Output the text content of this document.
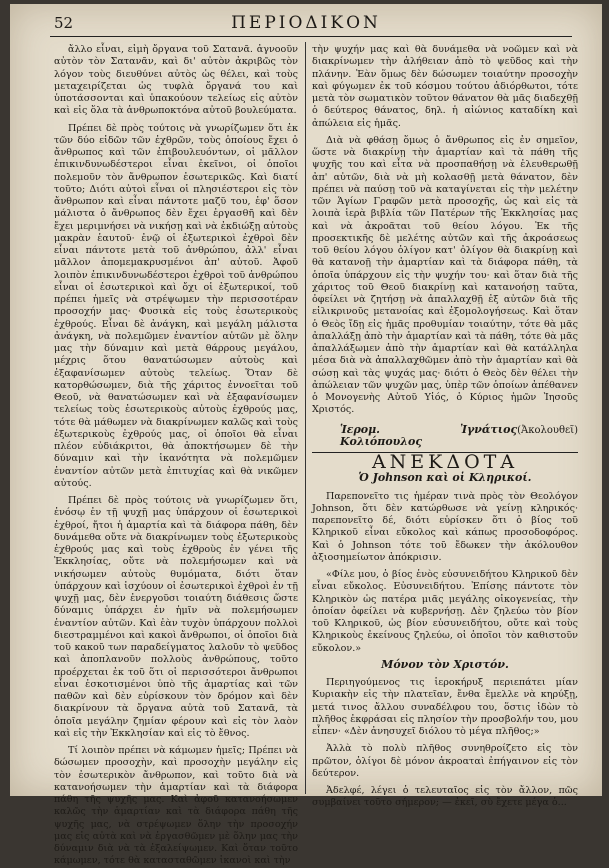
52	ΠΕΡΙΟΔΙΚΟΝ

ἄλλο εἶναι, εἰμὴ ὄργανα τοῦ Σατανᾶ. ἀγνοοῦν αὐτὸν τὸν Σατανᾶν, καὶ δι' αὐτὸν ἀκριβῶς τὸν λόγον τοὺς διευθύνει αὐτὸς ὡς θέλει, καὶ τοὺς μεταχειρίζεται ὡς τυφλὰ ὄργανά του καὶ ὑποτάσσονται καὶ ὑπακούουν τελείως εἰς αὐτὸν καὶ εἰς ὅλα τὰ ἀνθρωποκτόνα αὐτοῦ βουλεύματα.

Πρέπει δὲ πρὸς τούτοις νὰ γνωρίζωμεν ὅτι ἐκ τῶν δύο εἰδῶν τῶν ἐχθρῶν, τοὺς ὁποίους ἔχει ὁ ἄνθρωπος καὶ τῶν ἐπιβουλευόντων, οἱ μᾶλλον ἐπικινδυνωδέστεροι εἶναι ἐκεῖνοι, οἱ ὁποῖοι πολεμοῦν τὸν ἄνθρωπον ἐσωτερικῶς. Καὶ διατί τοῦτο; Διότι αὐτοὶ εἶναι οἱ πλησιέστεροι εἰς τὸν ἄνθρωπον καὶ εἶναι πάντοτε μαζῦ του, ἐφ' ὅσον μάλιστα ὁ ἄνθρωπος δὲν ἔχει ἐργασθῆ καὶ δὲν ἔχει μεριμνήσει νὰ νικήσῃ καὶ νὰ ἐκδιώξῃ αὐτοὺς μακρὰν ἑαυτοῦ· ἐνῷ οἱ ἐξωτερικοὶ ἐχθροὶ δὲν εἶναι πάντοτε μετὰ τοῦ ἀνθρώπου, ἀλλ' εἶναι μᾶλλον ἀπομεμακρυσμένοι ἀπ' αὐτοῦ. Ἀφοῦ λοιπὸν ἐπικινδυνωδέστεροι ἐχθροὶ τοῦ ἀνθρώπου εἶναι οἱ ἐσωτερικοὶ καὶ ὄχι οἱ ἐξωτερικοί, τοῦ πρέπει ἡμεῖς νὰ στρέψωμεν τὴν περισσοτέραν προσοχήν μας· Φυσικὰ εἰς τοὺς ἐσωτερικοὺς ἐχθρούς. Εἶναι δὲ ἀνάγκη, καὶ μεγάλη μάλιστα ἀνάγκη, νὰ πολεμῶμεν ἐναντίον αὐτῶν μὲ ὅλην μας τὴν δύναμιν καὶ μετὰ θάρρους μεγάλου, μέχρις ὅτου θανατώσωμεν αὐτοὺς καὶ ἐξαφανίσωμεν αὐτοὺς τελείως. Ὅταν δὲ κατορθώσωμεν, διὰ τῆς χάριτος ἐννοεῖται τοῦ Θεοῦ, νὰ θανατώσωμεν καὶ νὰ ἐξαφανίσωμεν τελείως τοὺς ἐσωτερικοὺς αὐτοὺς ἐχθρούς μας, τότε θὰ μάθωμεν νὰ διακρίνωμεν καλῶς καὶ τοὺς ἐξωτερικοὺς ἐχθρούς μας, οἱ ὁποῖοι θὰ εἶναι πλέον εὐδιάκριτοι, θὰ ἀποκτήσωμεν δὲ τὴν δύναμιν καὶ τὴν ἱκανότητα νὰ πολεμῶμεν ἐναντίον αὐτῶν μετὰ ἐπιτυχίας καὶ θὰ νικῶμεν αὐτούς.

Πρέπει δὲ πρὸς τούτοις νὰ γνωρίζωμεν ὅτι, ἐνόσῳ ἐν τῇ ψυχῇ μας ὑπάρχουν οἱ ἐσωτερικοὶ ἐχθροί, ἤτοι ἡ ἁμαρτία καὶ τὰ διάφορα πάθη, δὲν δυνάμεθα οὔτε νὰ διακρίνωμεν τοὺς ἐξωτερικοὺς ἐχθρούς μας καὶ τοὺς ἐχθροὺς ἐν γένει τῆς Ἐκκλησίας, οὔτε νὰ πολεμήσωμεν καὶ νὰ νικήσωμεν αὐτοὺς θυμόματα, διότι ὅταν ὑπάρχουν καὶ ἰσχύουν οἱ ἐσωτερικοὶ ἐχθροὶ ἐν τῇ ψυχῇ μας, δὲν ἐνεργοῦσι τοιαύτη διάθεσις ὥστε δύναμις ὑπάρχει ἐν ἡμῖν νὰ πολεμήσωμεν ἐναντίον αὐτῶν. Καὶ ἐὰν τυχὸν ὑπάρχουν πολλοὶ διεστραμμένοι καὶ κακοὶ ἄνθρωποι, οἱ ὁποῖοι διὰ τοῦ κακοῦ των παραδείγματος λαλοῦν τὸ ψεῦδος καὶ ἀποπλανοῦν πολλοὺς ἀνθρώπους, τοῦτο προέρχεται ἐκ τοῦ ὅτι οἱ περισσότεροι ἄνθρωποι εἶναι ἐσκοτισμένοι ὑπὸ τῆς ἁμαρτίας καὶ τῶν παθῶν καὶ δὲν εὑρίσκουν τὸν δρόμον καὶ δὲν διακρίνουν τὰ ὄργανα αὐτὰ τοῦ Σατανᾶ, τὰ ὁποῖα μεγάλην ζημίαν φέρουν καὶ εἰς τὸν λαὸν καὶ εἰς τὴν Ἐκκλησίαν καὶ εἰς τὸ ἔθνος.

Τί λοιπὸν πρέπει νὰ κάμωμεν ἡμεῖς; Πρέπει νὰ δώσωμεν προσοχὴν, καὶ προσοχὴν μεγάλην εἰς τὸν ἐσωτερικὸν ἄνθρωπον, καὶ τοῦτο διὰ νὰ κατανοήσωμεν τὴν ἁμαρτίαν καὶ τὰ διάφορα πάθη τῆς ψυχῆς μας. Καὶ ἀφοῦ κατανοήσωμεν καλῶς τὴν ἁμαρτίαν καὶ τὰ διάφορα πάθη τῆς ψυχῆς μας, νὰ στρέψωμεν ὅλην τὴν προσοχήν μας εἰς αὐτὰ καὶ νὰ ἐργασθῶμεν μὲ ὅλην μας τὴν δύναμιν διὰ νὰ τὰ ἐξαλείψωμεν. Καὶ ὅταν τοῦτο κάμωμεν, τότε θὰ κατασταθῶμεν ἱκανοὶ καὶ τὴν

τὴν ψυχήν μας καὶ θὰ δυνάμεθα νὰ νοῶμεν καὶ νὰ διακρίνωμεν τὴν ἀλήθειαν ἀπὸ τὸ ψεῦδος καὶ τὴν πλάνην. Ἐὰν ὅμως δὲν δώσωμεν τοιαύτην προσοχὴν καὶ φύγωμεν ἐκ τοῦ κόσμου τούτου ἀδιόρθωτοι, τότε μετὰ τὸν σωματικὸν τοῦτον θάνατον θὰ μᾶς διαδεχθῇ ὁ δεύτερος θάνατος, δηλ. ἡ αἰώνιος καταδίκη καὶ ἀπώλεια εἰς ἡμᾶς.

Διὰ νὰ φθάσῃ ὅμως ὁ ἄνθρωπος εἰς ἐν σημεῖον, ὥστε νὰ διακρίνῃ τὴν ἁμαρτίαν καὶ τὰ πάθη τῆς ψυχῆς του καὶ εἶτα νὰ προσπαθήσῃ νὰ ἐλευθερωθῇ ἀπ' αὐτῶν, διὰ νὰ μὴ κολασθῇ μετὰ θάνατον, δὲν πρέπει νὰ παύσῃ τοῦ νὰ καταγίνεται εἰς τὴν μελέτην τῶν Ἁγίων Γραφῶν μετὰ προσοχῆς, ὡς καὶ εἰς τὰ λοιπὰ ἱερὰ βιβλία τῶν Πατέρων τῆς Ἐκκλησίας μας καὶ νὰ ἀκροᾶται τοῦ θείου λόγου. Ἐκ τῆς προσεκτικῆς δὲ μελέτης αὐτῶν καὶ τῆς ἀκροάσεως τοῦ θείου λόγου ὀλίγον κατ' ὀλίγον θὰ διακρίνῃ καὶ θὰ κατανοῇ τὴν ἁμαρτίαν καὶ τὰ διάφορα πάθη, τὰ ὁποῖα ὑπάρχουν εἰς τὴν ψυχήν του· καὶ ὅταν διὰ τῆς χάριτος τοῦ Θεοῦ διακρίνῃ καὶ κατανοήσῃ ταῦτα, ὀφείλει νὰ ζητήσῃ νὰ ἀπαλλαχθῇ ἐξ αὐτῶν διὰ τῆς εἰλικρινοῦς μετανοίας καὶ ἐξομολογήσεως. Καὶ ὅταν ὁ Θεὸς ἴδῃ εἰς ἡμᾶς προθυμίαν τοιαύτην, τότε θὰ μᾶς ἀπαλλάξῃ ἀπὸ τὴν ἁμαρτίαν καὶ τὰ πάθη, τότε θὰ μᾶς ἀπαλλάξωμεν ἀπὸ τὴν ἁμαρτίαν καὶ θὰ κατάλληλα μέσα διὰ νὰ ἀπαλλαχθῶμεν ἀπὸ τὴν ἁμαρτίαν καὶ θὰ σώσῃ καὶ τὰς ψυχάς μας· διότι ὁ Θεὸς δὲν θέλει τὴν ἀπώλειαν τῶν ψυχῶν μας, ὑπὲρ τῶν ὁποίων ἀπέθανεν ὁ Μονογενὴς Αὐτοῦ Υἱός, ὁ Κύριος ἡμῶν Ἰησοῦς Χριστός.

Ἱερομ. Ἰγνάτιος Κολιόπουλος
(Ἀκολουθεῖ)
ΑΝΕΚΔΟΤΑ
Ὁ Johnson καὶ οἱ Κληρικοί.

Παρεπονεῖτο τις ἡμέραν τινὰ πρὸς τὸν Θεολόγον Johnson, ὅτι δὲν κατώρθωσε νὰ γείνῃ κληρικός· παρεπονεῖτο δέ, διότι εὑρίσκεν ὅτι ὁ βίος τοῦ Κληρικοῦ εἶναι εὔκολος καὶ κάπως προσοδοφόρος. Καὶ ὁ Johnson τότε τοῦ ἔδωκεν τὴν ἀκόλουθον ἀξιοσημείωτον ἀπόκρισιν.

«Φίλε μου, ὁ βίος ἑνὸς εὐσυνειδήτου Κληρικοῦ δὲν εἶναι εὔκολος. Εὐσυνειδήτου. Ἐπίσης πάντοτε τὸν Κληρικὸν ὡς πατέρα μιᾶς μεγάλης οἰκογενείας, τὴν ὁποίαν ὀφείλει νὰ κυβερνήσῃ. Δὲν ζηλεύω τὸν βίον τοῦ Κληρικοῦ, ὡς βίον εὐσυνειδήτου, οὔτε καὶ τοὺς Κληρικοὺς ἐκείνους ζηλεύω, οἱ ὁποῖοι τὸν καθιστοῦν εὔκολον.»

Μόνον τὸν Χριστόν.

Περιηγούμενος τις ἱεροκήρυξ περιεπάτει μίαν Κυριακὴν εἰς τὴν πλατεῖαν, ἔνθα ἔμελλε νὰ κηρύξῃ, μετά τινος ἄλλου συναδέλφου του, ὅστις ἰδὼν τὸ πλῆθος ἐκφράσαι εἰς πλησίον τὴν προσβολήν του, μου εἶπεν· «Δὲν ἀνησυχεῖ διόλου τὸ μέγα πλῆθος;»

Ἀλλὰ τὸ πολὺ πλῆθος συνηθροίζετο εἰς τὸν πρῶτον, ὀλίγοι δὲ μόνον ἀκροαταὶ ἐπήγαινον εἰς τὸν δεύτερον.

Ἀδελφέ, λέγει ὁ τελευταῖος εἰς τὸν ἄλλον, πῶς συμβαίνει τοῦτο σήμερον; — ἐκεῖ, σὺ ἔχετε μέγα ὁ...
